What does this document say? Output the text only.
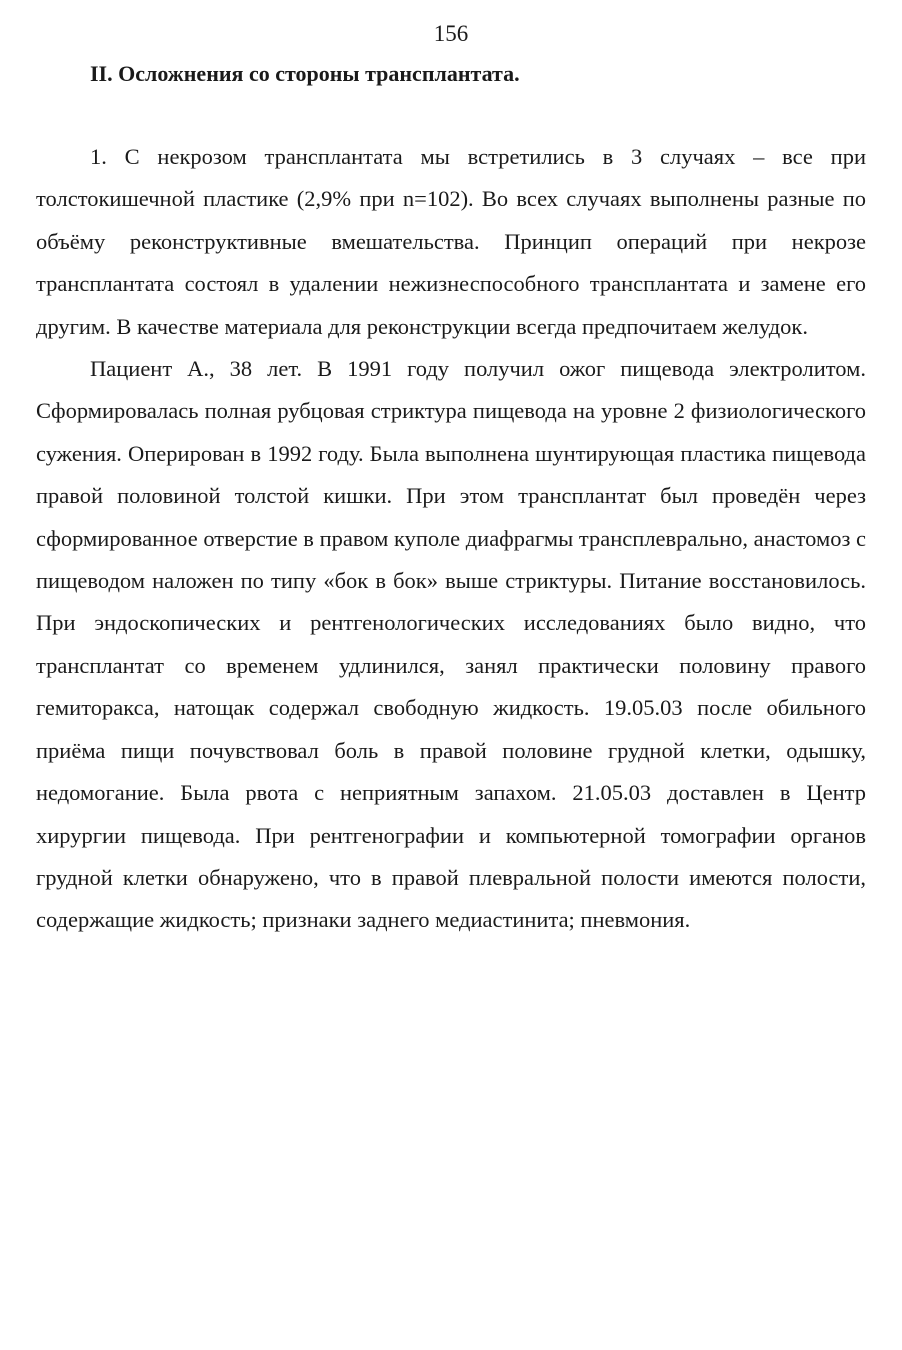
156
II. Осложнения со стороны трансплантата.

1. С некрозом трансплантата мы встретились в 3 случаях – все при толстокишечной пластике (2,9% при n=102). Во всех случаях выполнены разные по объёму реконструктивные вмешательства. Принцип операций при некрозе трансплантата состоял в удалении нежизнеспособного трансплантата и замене его другим. В качестве материала для реконструкции всегда предпочитаем желудок.

Пациент А., 38 лет. В 1991 году получил ожог пищевода электролитом. Сформировалась полная рубцовая стриктура пищевода на уровне 2 физиологического сужения. Оперирован в 1992 году. Была выполнена шунтирующая пластика пищевода правой половиной толстой кишки. При этом трансплантат был проведён через сформированное отверстие в правом куполе диафрагмы трансплеврально, анастомоз с пищеводом наложен по типу «бок в бок» выше стриктуры. Питание восстановилось. При эндоскопических и рентгенологических исследованиях было видно, что трансплантат со временем удлинился, занял практически половину правого гемиторакса, натощак содержал свободную жидкость. 19.05.03 после обильного приёма пищи почувствовал боль в правой половине грудной клетки, одышку, недомогание. Была рвота с неприятным запахом. 21.05.03 доставлен в Центр хирургии пищевода. При рентгенографии и компьютерной томографии органов грудной клетки обнаружено, что в правой плевральной полости имеются полости, содержащие жидкость; признаки заднего медиастинита; пневмония.
